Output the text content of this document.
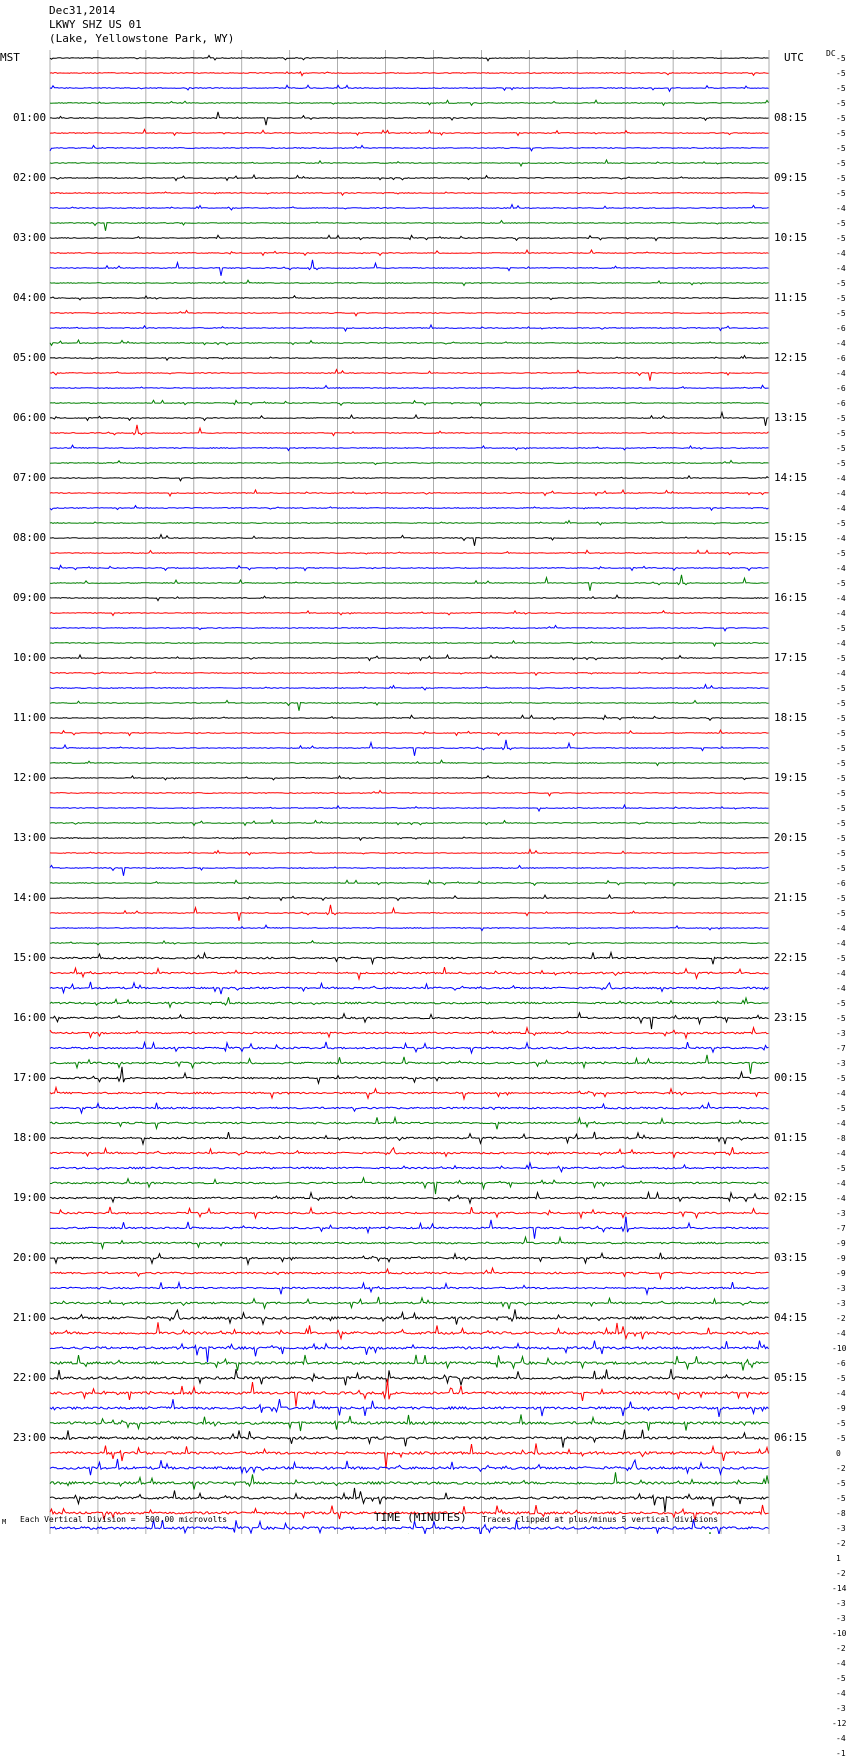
Dec31,2014
LKWY SHZ US 01
(Lake, Yellowstone Park, WY)
MST	UTC	DC
01:00
02:00
03:00
04:00
05:00
06:00
07:00
08:00
09:00
10:00
11:00
12:00
13:00
14:00
15:00
16:00
17:00
18:00
19:00
20:00
21:00
22:00
23:00
08:15
09:15
10:15
11:15
12:15
13:15
14:15
15:15
16:15
17:15
18:15
19:15
20:15
21:15
22:15
23:15
00:15
01:15
02:15
03:15
04:15
05:15
06:15
-5
-5
-5
-5
-5
-5
-5
-5
-5
-5
-4
-5
-5
-4
-4
-5
-5
-5
-6
-4
-6
-4
-6
-6
-5
-5
-5
-5
-4
-4
-4
-5
-4
-5
-4
-5
-4
-4
-5
-4
-5
-4
-5
-5
-5
-5
-5
-5
-5
-5
-5
-5
-5
-5
-5
-6
-5
-5
-4
-4
-5
-4
-4
-5
-5
-3
-7
-3
-5
-4
-5
-4
-8
-4
-5
-4
-4
-3
-7
-9
-9
-9
-3
-3
-2
-4
-10
-6
-5
-4
-9
-5
-5
0
-2
-5
-5
-8
-3
-2
1
-2
-14
-3
-3
-10
-2
-4
-5
-4
-3
-12
-4
-1
M Each Vertical Division =  500.00 microvolts	TIME (MINUTES) Traces clipped at plus/minus 5 vertical divisions
